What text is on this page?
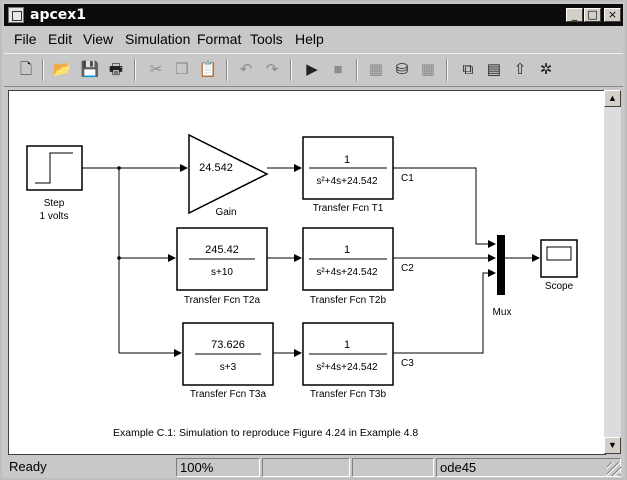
apcex1	_ □ ×
File Edit View Simulation Format Tools Help
🗋 📂 💾 🖶 ✂ ❐ 📋 ↶ ↷ ▶	■	▦ ⛁ ▦	⧉ ▤ ⇧ ✲
Step
1 volts
24.542
Gain
1
s²+4s+24.542
Transfer Fcn T1
245.42
s+10
Transfer Fcn T2a
1
s²+4s+24.542
Transfer Fcn T2b
73.626
s+3
Transfer Fcn T3a
1
s²+4s+24.542
Transfer Fcn T3b
Mux
Scope
C1
C2
C3
Example C.1: Simulation to reproduce Figure 4.24 in Example 4.8
▲
▼
Ready	100%	ode45
